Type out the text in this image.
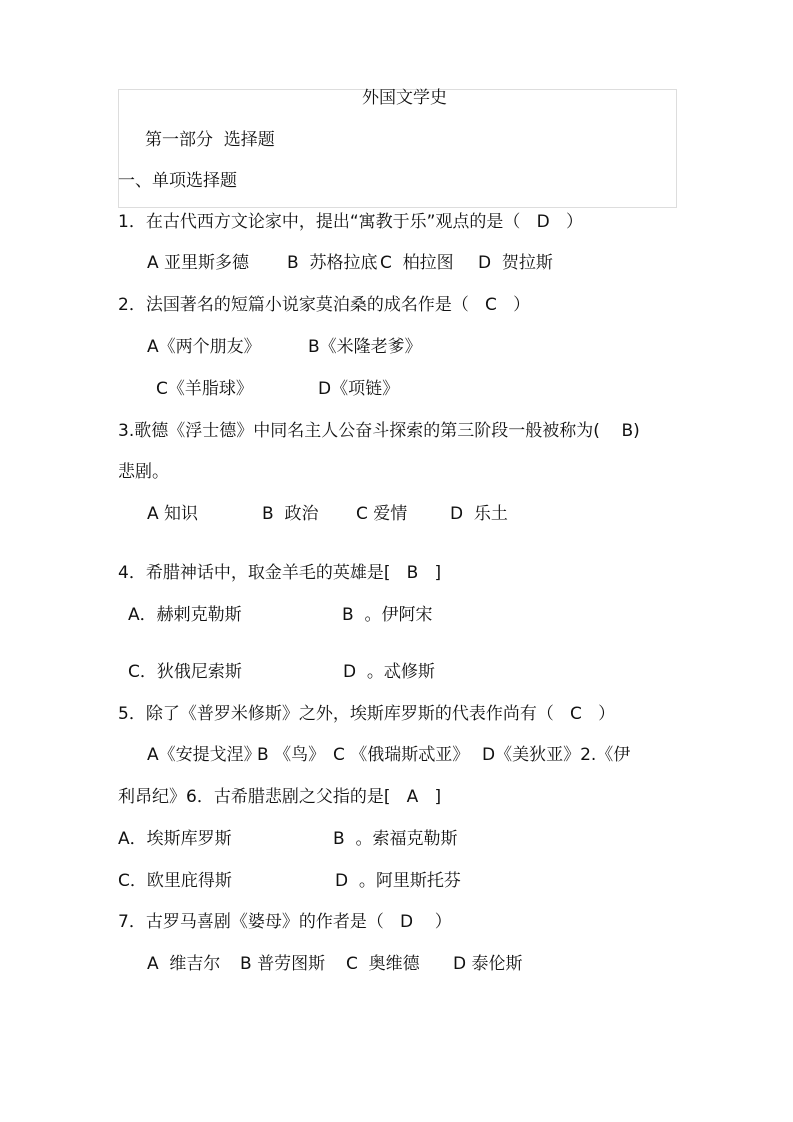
外国文学史
第一部分  选择题
一、单项选择题
1．在古代西方文论家中，提出“寓教于乐”观点的是（   D   ）
A 亚里斯多德 B  苏格拉底 C  柏拉图 D  贺拉斯
2．法国著名的短篇小说家莫泊桑的成名作是（   C   ）
A《两个朋友》	B《米隆老爹》
C《羊脂球》	D《项链》
3.歌德《浮士德》中同名主人公奋斗探索的第三阶段一般被称为(    B)
悲剧。
A 知识	B  政治 C 爱情	D  乐土
4．希腊神话中，取金羊毛的英雄是[   B   ]
A．赫剌克勒斯	B  。伊阿宋
C．狄俄尼索斯	D  。忒修斯
5．除了《普罗米修斯》之外，埃斯库罗斯的代表作尚有（   C   ）
A《安提戈涅》
B 《鸟》 C 《俄瑞斯忒亚》 D《美狄亚》2.《伊
利昂纪》6．古希腊悲剧之父指的是[   A   ]
A．埃斯库罗斯	B  。索福克勒斯
C．欧里庇得斯	D  。阿里斯托芬
7．古罗马喜剧《婆母》的作者是（   D    ）
A  维吉尔 B 普劳图斯 C  奥维德 D 泰伦斯
